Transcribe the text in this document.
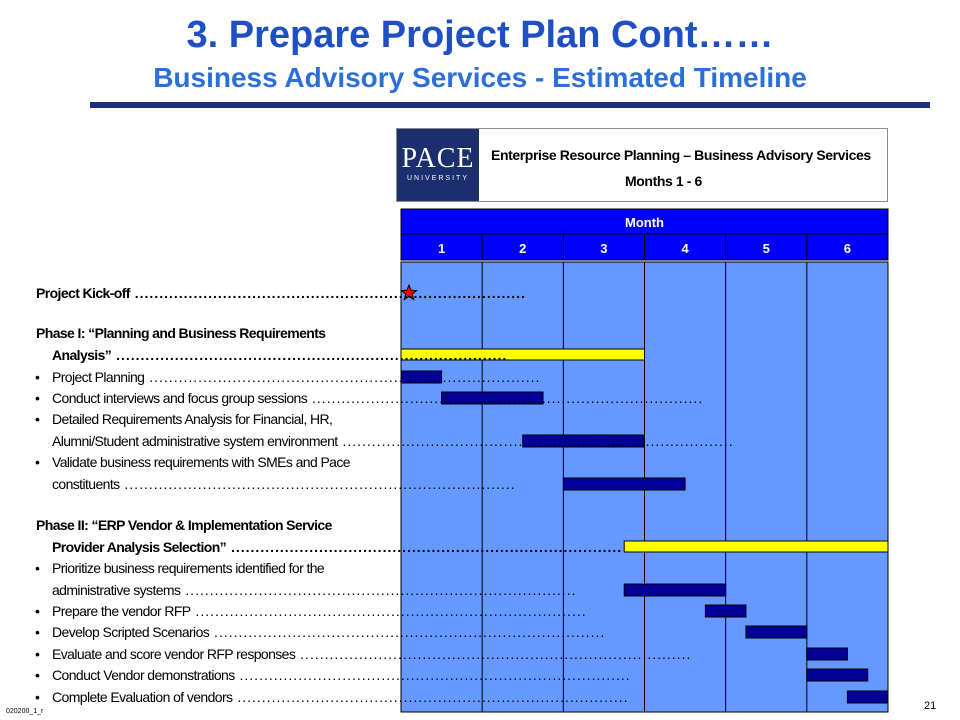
3. Prepare Project Plan Cont……
Business Advisory Services - Estimated Timeline
PACE
UNIVERSITY
Enterprise Resource Planning – Business Advisory Services
Months 1 - 6
Month
1	2	3	4	5	6
Project Kick-off ................................................................................
Phase I: “Planning and Business Requirements
Analysis” ................................................................................
• Project Planning ................................................................................
• Conduct interviews and focus group sessions ................................................................................
• Detailed Requirements Analysis for Financial, HR,
Alumni/Student administrative system environment ................................................................................
• Validate business requirements with SMEs and Pace
constituents ................................................................................
Phase II: “ERP Vendor & Implementation Service
Provider Analysis Selection” ................................................................................
• Prioritize business requirements identified for the
administrative systems ................................................................................
• Prepare the vendor RFP ................................................................................
• Develop Scripted Scenarios ................................................................................
• Evaluate and score vendor RFP responses ................................................................................
• Conduct Vendor demonstrations ................................................................................
• Complete Evaluation of vendors ................................................................................
21
020200_1_r
